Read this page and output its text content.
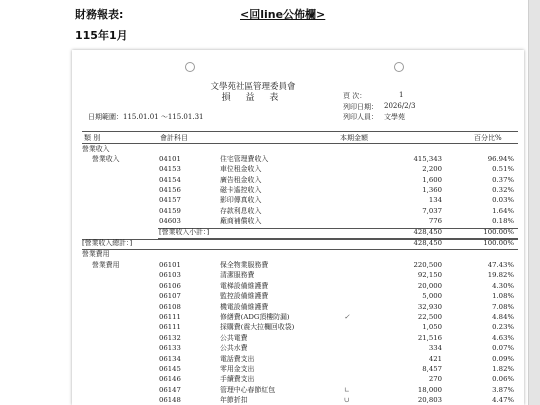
財務報表:	<回line公佈欄>
115年1月
文學苑社區管理委員會
損 益 表	頁 次：	1
列印日期： 2026/2/3
列印人員： 文學苑
日期範圍：115.01.01 ～115.01.31
類 別	會計科目	本期金額	百分比%
營業收入
營業收入	04101	住宅管理費收入	415,343	96.94%
04153	車位租金收入	2,200	0.51%
04154	廣告租金收入	1,600	0.37%
04156	磁卡遙控收入	1,360	0.32%
04157	影印傳真收入	134	0.03%
04159	存款利息收入	7,037	1.64%
04603	廠商補償收入	776	0.18%
[營業收入小計：]	428,450	100.00%
[營業收入總計：]	428,450	100.00%
營業費用
營業費用	06101	保全物業服務費	220,500	47.43%
06103	清潔服務費	92,150	19.82%
06106	電梯設備維護費	20,000	4.30%
06107	監控設備維護費	5,000	1.08%
06108	機電設備維護費	32,930	7.08%
06111	修繕費(ADG頂樓防漏)	22,500	4.84%
✓
06111	採購費(震大拉欄回收袋)	1,050	0.23%
06132	公共電費	21,516	4.63%
06133	公共水費	334	0.07%
06134	電話費支出	421	0.09%
06145	零用金支出	8,457	1.82%
06146	手續費支出	270	0.06%
06147	管理中心春節紅包	18,000	3.87%
∟
06148	年節折扣	20,803	4.47%
∪
